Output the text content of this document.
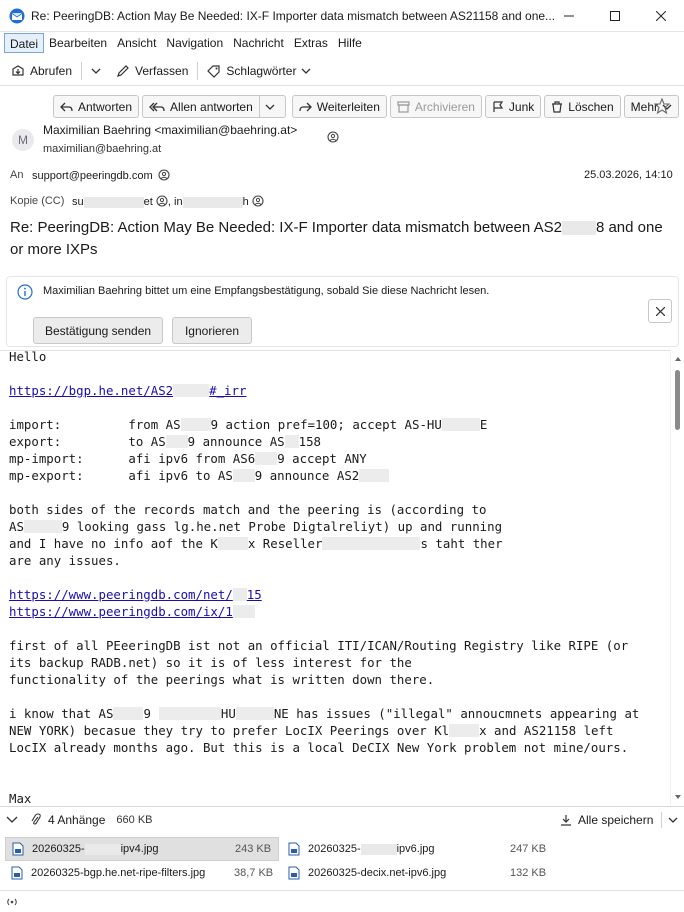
Re: PeeringDB: Action May Be Needed: IX-F Importer data mismatch between AS21158 and one...
Datei Bearbeiten Ansicht Navigation Nachricht Extras Hilfe
Abrufen	Verfassen	Schlagwörter
Antworten	Allen antworten	Weiterleiten	Archivieren	Junk	Löschen Mehr
M
Maximilian Baehring <maximilian@baehring.at>
maximilian@baehring.at
An support@peeringdb.com	25.03.2026, 14:10
Kopie (CC) su	et , in	h
Re: PeeringDB: Action May Be Needed: IX-F Importer data mismatch between AS2 8 and one or more IXPs
Maximilian Baehring bittet um eine Empfangsbestätigung, sobald Sie diese Nachricht lesen.
Bestätigung senden	Ignorieren
Hello
https://bgp.he.net/AS2	#_irr
import:         from AS 9 action pref=100; accept AS-HU	E
export:         to AS 9 announce AS 158
mp-import:      afi ipv6 from AS6 9 accept ANY
mp-export:      afi ipv6 to AS 9 announce AS2
both sides of the records match and the peering is (according to
AS	9 looking gass lg.he.net Probe Digtalreliyt) up and running
and I have no info aof the K x Reseller	s taht ther
are any issues.
https://www.peeringdb.com/net/ 15
https://www.peeringdb.com/ix/1
first of all PEeeringDB ist not an official ITI/ICAN/Routing Registry like RIPE (or
its backup RADB.net) so it is of less interest for the
functionality of the peerings what is written down there.
i know that AS 9	HU	NE has issues ("illegal" annoucmnets appearing at
NEW YORK) becasue they try to prefer LocIX Peerings over Kl x and AS21158 left
LocIX already months ago. But this is a local DeCIX New York problem not mine/ours.
Max
4 Anhänge 660 KB	Alle speichern
20260325-	ipv4.jpg	243 KB	20260325-	ipv6.jpg	247 KB
20260325-bgp.he.net-ripe-filters.jpg	38,7 KB	20260325-decix.net-ipv6.jpg	132 KB
